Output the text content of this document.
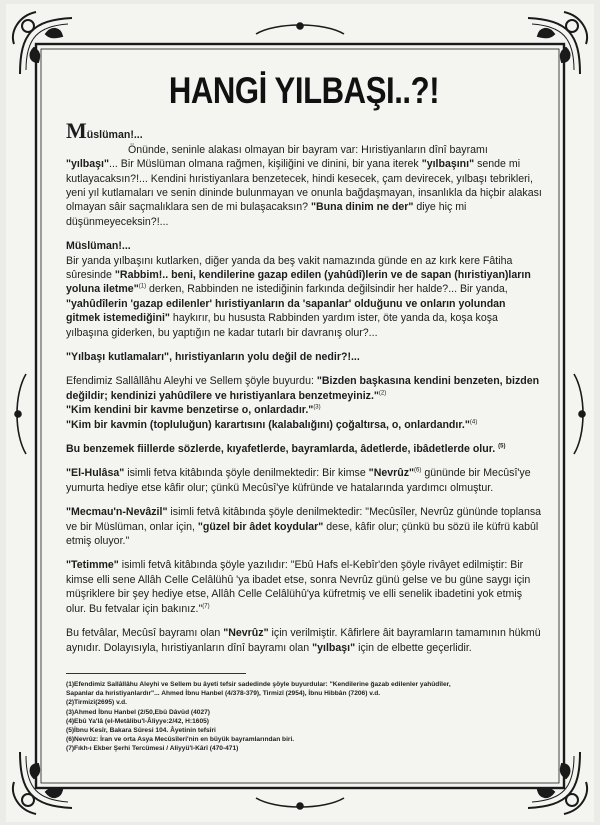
HANGİ YILBAŞI..?!

Müslüman!...
Önünde, seninle alakası olmayan bir bayram var: Hıristiyanların dînî bayramı "yılbaşı"... Bir Müslüman olmana rağmen, kişiliğini ve dinini, bir yana iterek "yılbaşını" sende mi kutlayacaksın?!... Kendini hıristiyanlara benzetecek, hindi kesecek, çam devirecek, yılbaşı tebrikleri, yeni yıl kutlamaları ve senin dininde bulunmayan ve onunla bağdaşmayan, insanlıkla da hiçbir alakası olmayan sâir saçmalıklara sen de mi bulaşacaksın? "Buna dinim ne der" diye hiç mi düşünmeyeceksin?!...

Müslüman!...
Bir yanda yılbaşını kutlarken, diğer yanda da beş vakit namazında günde en az kırk kere Fâtiha sûresinde "Rabbim!.. beni, kendilerine gazap edilen (yahûdî)lerin ve de sapan (hıristiyan)ların yoluna iletme"$^{(1)}$ derken, Rabbinden ne istediğinin farkında değilsindir her halde?... Bir yanda, "yahûdîlerin 'gazap edilenler' hıristiyanların da 'sapanlar' olduğunu ve onların yolundan gitmek istemediğini" haykırır, bu hususta Rabbinden yardım ister, öte yanda da, koşa koşa yılbaşına giderken, bu yaptığın ne kadar tutarlı bir davranış olur?...

"Yılbaşı kutlamaları", hıristiyanların yolu değil de nedir?!...

Efendimiz Sallâllâhu Aleyhi ve Sellem şöyle buyurdu: "Bizden başkasına kendini benzeten, bizden değildir; kendinizi yahûdîlere ve hıristiyanlara benzetmeyiniz."$^{(2)}$
"Kim kendini bir kavme benzetirse o, onlardadır."$^{(3)}$
"Kim bir kavmin (topluluğun) karartısını (kalabalığını) çoğaltırsa, o, onlardandır."$^{(4)}$

Bu benzemek fiillerde sözlerde, kıyafetlerde, bayramlarda, âdetlerde, ibâdetlerde olur. $^{(5)}$

"El-Hulâsa" isimli fetva kitâbında şöyle denilmektedir: Bir kimse "Nevrûz"$^{(6)}$ gününde bir Mecûsî'ye yumurta hediye etse kâfir olur; çünkü Mecûsî'ye küfründe ve hatalarında yardımcı olmuştur.

"Mecmau'n-Nevâzil" isimli fetvâ kitâbında şöyle denilmektedir: "Mecûsîler, Nevrûz gününde toplansa ve bir Müslüman, onlar için, "güzel bir âdet koydular" dese, kâfir olur; çünkü bu sözü ile küfrü kabûl etmiş oluyor."

"Tetimme" isimli fetvâ kitâbında şöyle yazılıdır: "Ebû Hafs el-Kebîr'den şöyle rivâyet edilmiştir: Bir kimse elli sene Allâh Celle Celâlühû 'ya ibadet etse, sonra Nevrûz günü gelse ve bu güne saygı için müşriklere bir şey hediye etse, Allâh Celle Celâlühû'ya küfretmiş ve elli senelik ibadetini yok etmiş olur. Bu fetvalar için bakınız."$^{(7)}$

Bu fetvâlar, Mecûsî bayramı olan "Nevrûz" için verilmiştir. Kâfirlere âit bayramların tamamının hükmü aynıdır. Dolayısıyla, hıristiyanların dînî bayramı olan "yılbaşı" için de elbette geçerlidir.

(1)Efendimiz Sallâllâhu Aleyhi ve Sellem bu âyeti tefsir sadedinde şöyle buyurdular: "Kendilerine ğazab edilenler yahûdîler,
Sapanlar da hıristiyanlardır"... Ahmed İbnu Hanbel (4/378-379), Tirmizî (2954), İbnu Hibbân (7206) v.d.
(2)Tirmizî(2695) v.d.
(3)Ahmed İbnu Hanbel (2/50,Ebû Dâvûd (4027)
(4)Ebû Ya'lâ (el-Metâlibu'l-Âliyye:2/42, H:1605)
(5)İbnu Kesîr, Bakara Sûresi 104. Âyetinin tefsîri
(6)Nevrûz: İran ve orta Asya Mecûsîleri'nin en büyük bayramlarından biri.
(7)Fıkh-ı Ekber Şerhi Tercümesi / Aliyyü'l-Kârî (470-471)
